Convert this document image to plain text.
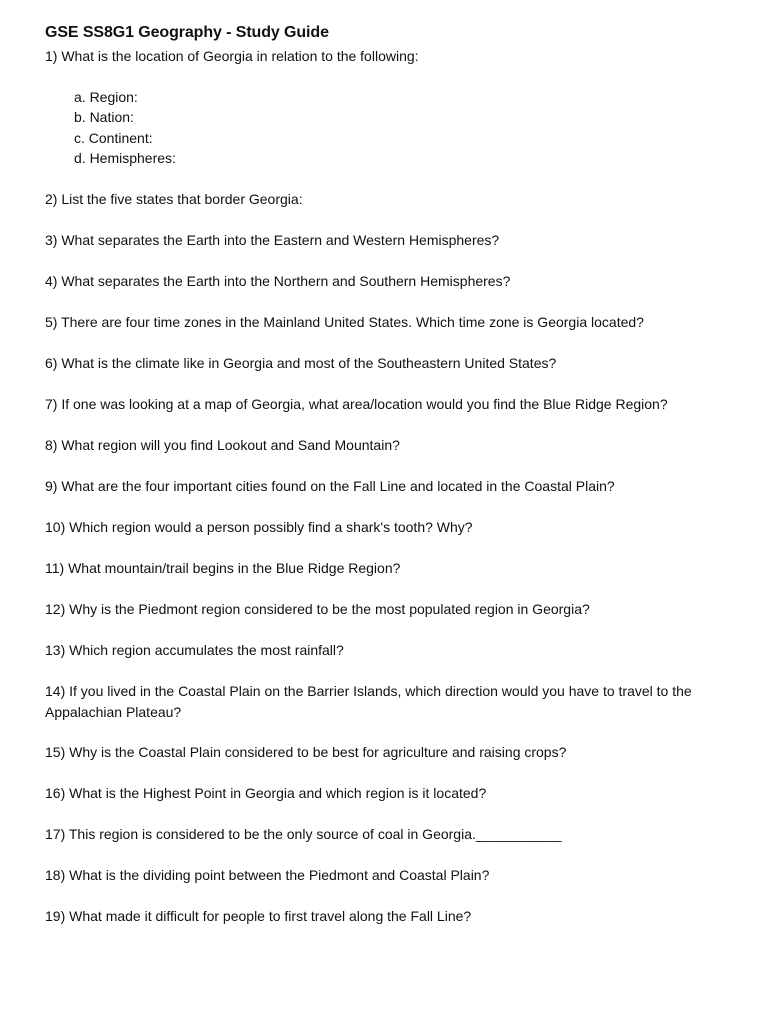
GSE SS8G1 Geography - Study Guide

1) What is the location of Georgia in relation to the following:

a. Region:

b. Nation:

c. Continent:

d. Hemispheres:

2) List the five states that border Georgia:

3) What separates the Earth into the Eastern and Western Hemispheres?

4) What separates the Earth into the Northern and Southern Hemispheres?

5) There are four time zones in the Mainland United States. Which time zone is Georgia located?

6) What is the climate like in Georgia and most of the Southeastern United States?

7) If one was looking at a map of Georgia, what area/location would you find the Blue Ridge Region?

8) What region will you find Lookout and Sand Mountain?

9) What are the four important cities found on the Fall Line and located in the Coastal Plain?

10) Which region would a person possibly find a shark's tooth? Why?

11) What mountain/trail begins in the Blue Ridge Region?

12) Why is the Piedmont region considered to be the most populated region in Georgia?

13) Which region accumulates the most rainfall?

14) If you lived in the Coastal Plain on the Barrier Islands, which direction would you have to travel to the Appalachian Plateau?

15) Why is the Coastal Plain considered to be best for agriculture and raising crops?

16) What is the Highest Point in Georgia and which region is it located?

17) This region is considered to be the only source of coal in Georgia.___________

18) What is the dividing point between the Piedmont and Coastal Plain?

19) What made it difficult for people to first travel along the Fall Line?
